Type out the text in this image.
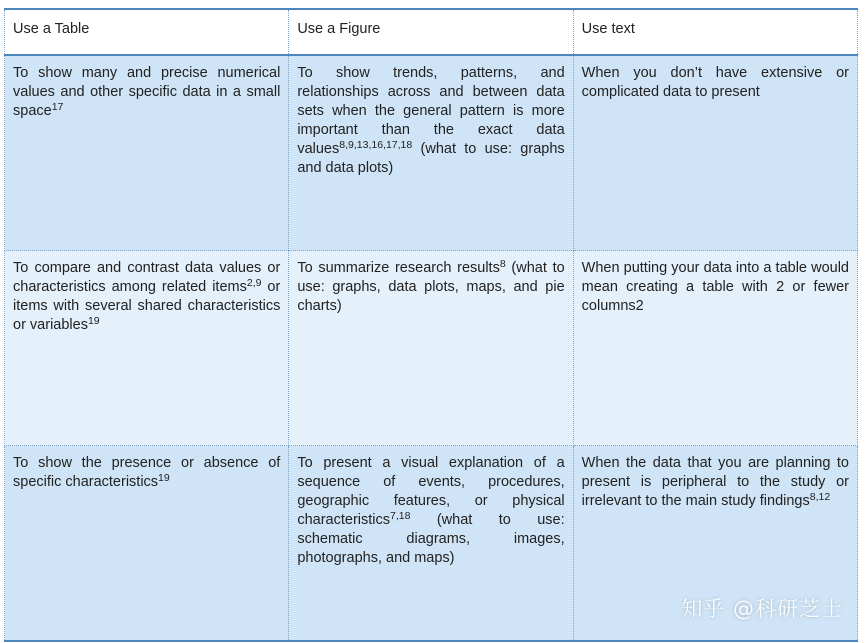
Use a Table	Use a Figure	Use text
To show many and precise numerical values and other specific data in a small space$^{17}$	To show trends, patterns, and relationships across and between data sets when the general pattern is more important than the exact data values$^{8,9,13,16,17,18}$ (what to use: graphs and data plots)	When you don’t have extensive or complicated data to present
To compare and contrast data values or characteristics among related items$^{2,9}$ or items with several shared characteristics or variables$^{19}$	To summarize research results$^8$ (what to use: graphs, data plots, maps, and pie charts)	When putting your data into a table would mean creating a table with 2 or fewer columns2
To show the presence or absence of specific characteristics$^{19}$	To present a visual explanation of a sequence of events, procedures, geographic features, or physical characteristics$^{7,18}$ (what to use: schematic diagrams, images, photographs, and maps)	When the data that you are planning to present is peripheral to the study or irrelevant to the main study findings$^{8,12}$
知乎 @科研芝士
